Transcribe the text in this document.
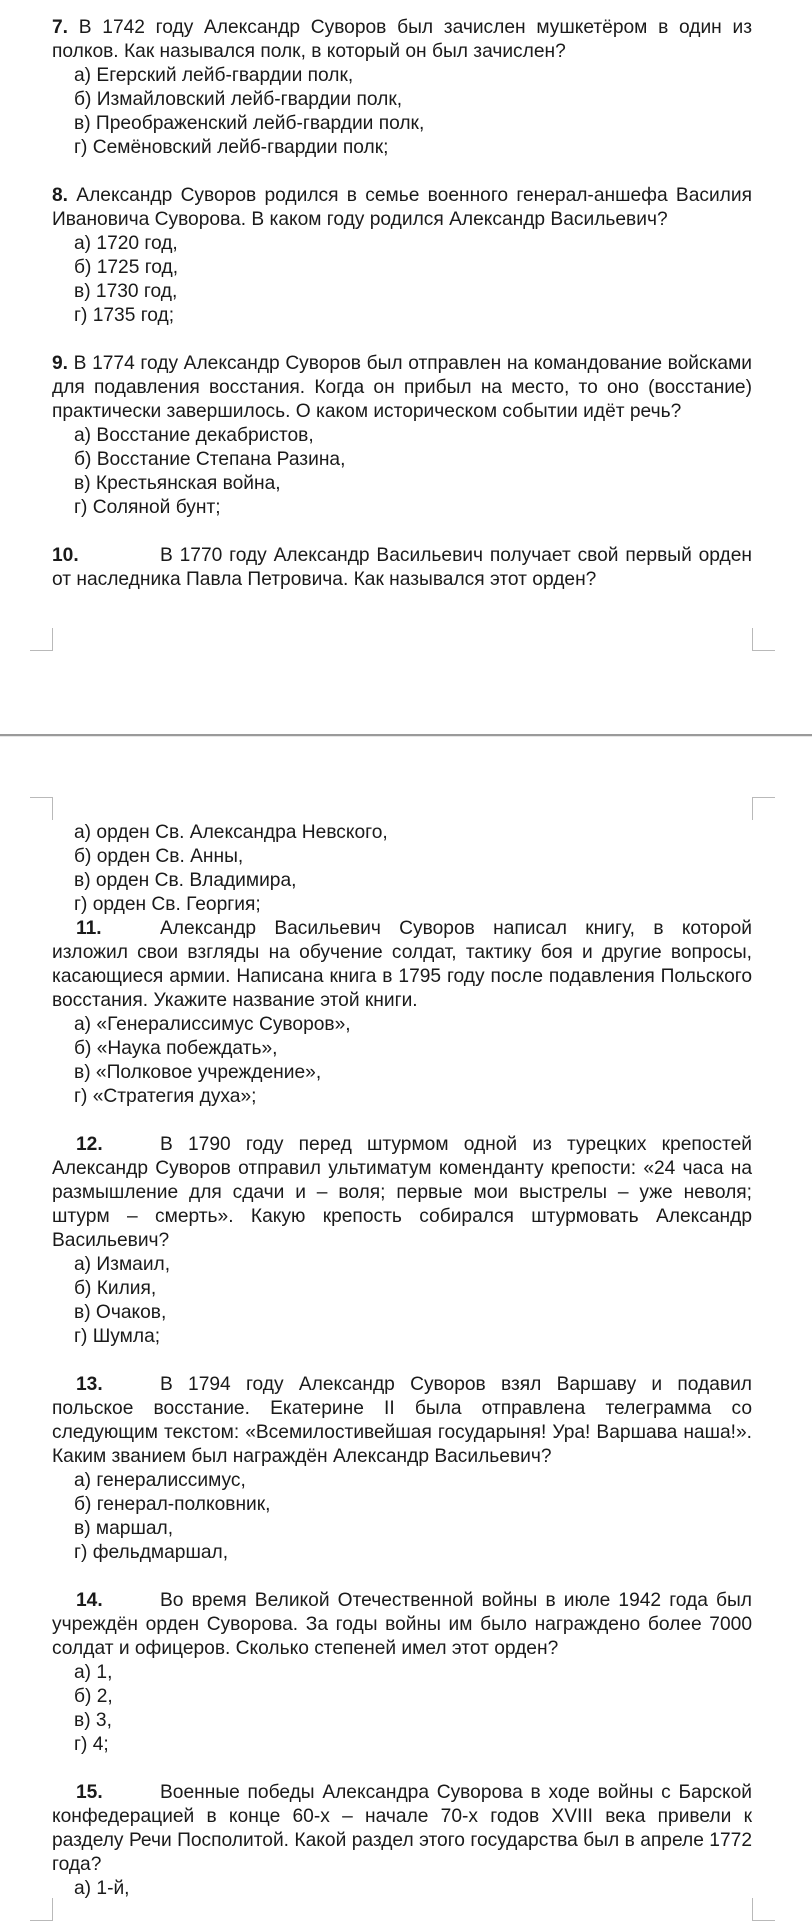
7. В 1742 году Александр Суворов был зачислен мушкетёром в один из полков. Как назывался полк, в который он был зачислен?

а) Егерский лейб-гвардии полк,
б) Измайловский лейб-гвардии полк,
в) Преображенский лейб-гвардии полк,
г) Семёновский лейб-гвардии полк;

8. Александр Суворов родился в семье военного генерал-аншефа Василия Ивановича Суворова. В каком году родился Александр Васильевич?

а) 1720 год,
б) 1725 год,
в) 1730 год,
г) 1735 год;

9. В 1774 году Александр Суворов был отправлен на командование войсками для подавления восстания. Когда он прибыл на место, то оно (восстание) практически завершилось. О каком историческом событии идёт речь?

а) Восстание декабристов,
б) Восстание Степана Разина,
в) Крестьянская война,
г) Соляной бунт;

10.	В 1770 году Александр Васильевич получает свой первый орден от наследника Павла Петровича. Как назывался этот орден?

а) орден Св. Александра Невского,
б) орден Св. Анны,
в) орден Св. Владимира,
г) орден Св. Георгия;

11.	Александр Васильевич Суворов написал книгу, в которой изложил свои взгляды на обучение солдат, тактику боя и другие вопросы, касающиеся армии. Написана книга в 1795 году после подавления Польского восстания. Укажите название этой книги.

а) «Генералиссимус Суворов»,
б) «Наука побеждать»,
в) «Полковое учреждение»,
г) «Стратегия духа»;

12.	В 1790 году перед штурмом одной из турецких крепостей Александр Суворов отправил ультиматум коменданту крепости: «24 часа на размышление для сдачи и – воля; первые мои выстрелы – уже неволя; штурм – смерть». Какую крепость собирался штурмовать Александр Васильевич?

а) Измаил,
б) Килия,
в) Очаков,
г) Шумла;

13.	В 1794 году Александр Суворов взял Варшаву и подавил польское восстание. Екатерине II была отправлена телеграмма со следующим текстом: «Всемилостивейшая государыня! Ура! Варшава наша!». Каким званием был награждён Александр Васильевич?

а) генералиссимус,
б) генерал-полковник,
в) маршал,
г) фельдмаршал,

14.	Во время Великой Отечественной войны в июле 1942 года был учреждён орден Суворова. За годы войны им было награждено более 7000 солдат и офицеров. Сколько степеней имел этот орден?

а) 1,
б) 2,
в) 3,
г) 4;

15.	Военные победы Александра Суворова в ходе войны с Барской конфедерацией в конце 60-х – начале 70-х годов XVIII века привели к разделу Речи Посполитой. Какой раздел этого государства был в апреле 1772 года?

а) 1-й,
